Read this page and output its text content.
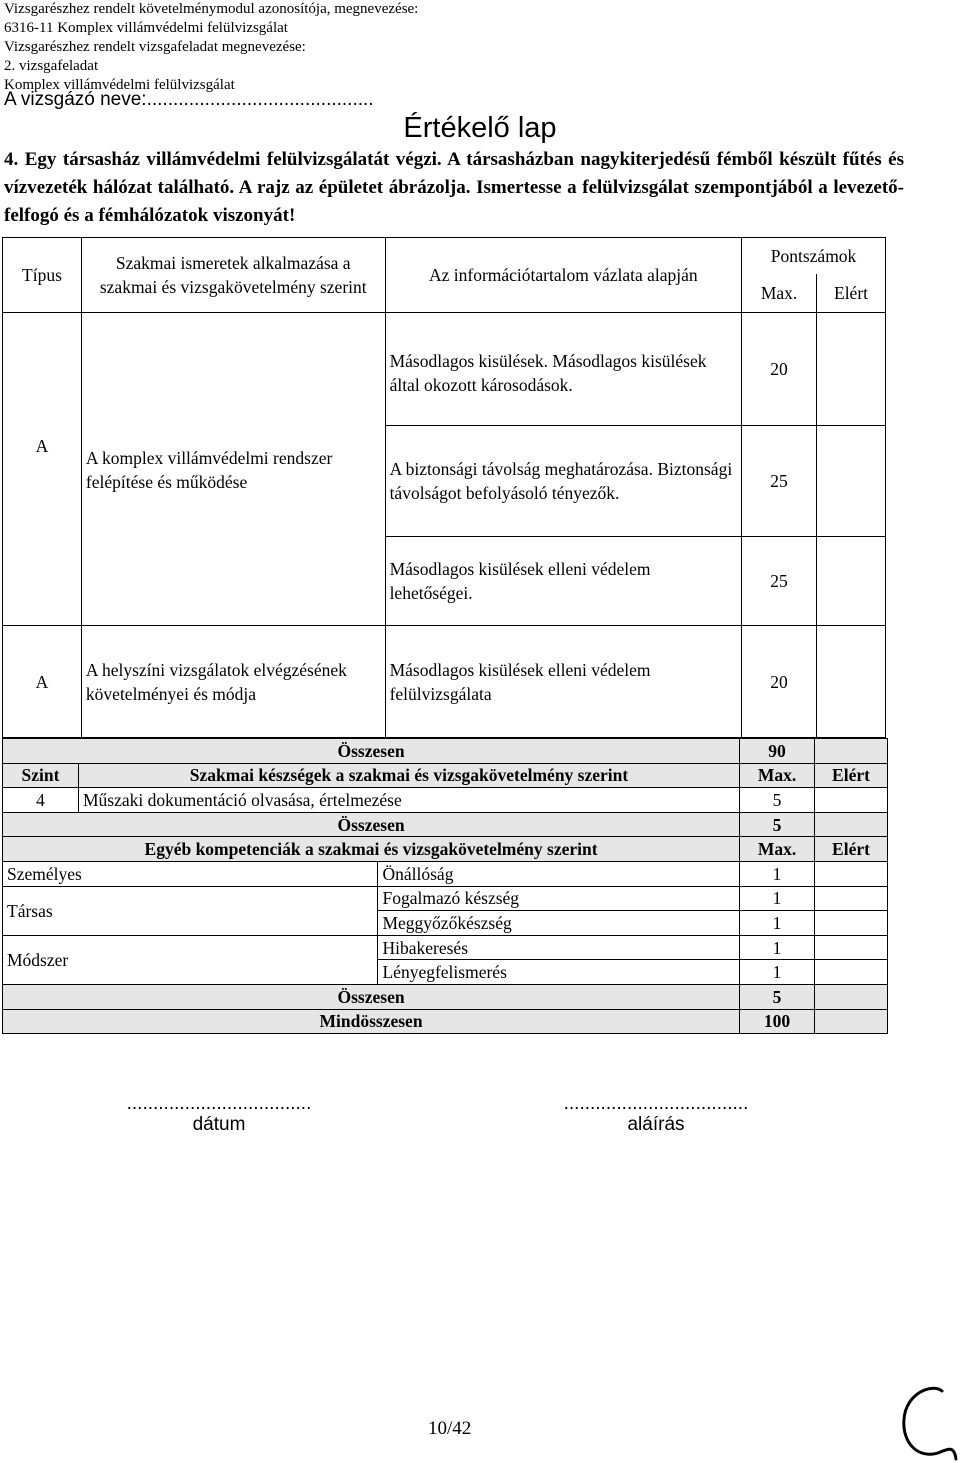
Vizsgarészhez rendelt követelménymodul azonosítója, megnevezése:
6316-11 Komplex villámvédelmi felülvizsgálat
Vizsgarészhez rendelt vizsgafeladat megnevezése:
2. vizsgafeladat
Komplex villámvédelmi felülvizsgálat
A vizsgázó neve:...........................................
Értékelő lap
4. Egy társasház villámvédelmi felülvizsgálatát végzi. A társasházban nagykiterjedésű fémből készült fűtés és vízvezeték hálózat található. A rajz az épületet ábrázolja. Ismertesse a felülvizsgálat szempontjából a levezető-felfogó és a fémhálózatok viszonyát!
Típus	Szakmai ismeretek alkalmazása a szakmai és vizsgakövetelmény szerint	Az információtartalom vázlata alapján	Pontszámok	
			Max.	Elért
		Másodlagos kisülések. Másodlagos kisülések által okozott károsodások.	20	
A	A komplex villámvédelmi rendszer felépítése és működése	A biztonsági távolság meghatározása. Biztonsági távolságot befolyásoló tényezők.	25	
		Másodlagos kisülések elleni védelem lehetőségei.	25	
A	A helyszíni vizsgálatok elvégzésének követelményei és módja	Másodlagos kisülések elleni védelem felülvizsgálata	20	
Összesen			90	
Szint	Szakmai készségek a szakmai és vizsgakövetelmény szerint		Max.	Elért
4	Műszaki dokumentáció olvasása, értelmezése		5	
Összesen			5	
Egyéb kompetenciák a szakmai és vizsgakövetelmény szerint			Max.	Elért
Személyes		Önállóság	1	
Társas		Fogalmazó készség	1	
		Meggyőzőkészség	1	
Módszer		Hibakeresés	1	
		Lényegfelismerés	1	
Összesen			5	
Mindösszesen			100	
...................................
dátum
...................................
aláírás
10/42
